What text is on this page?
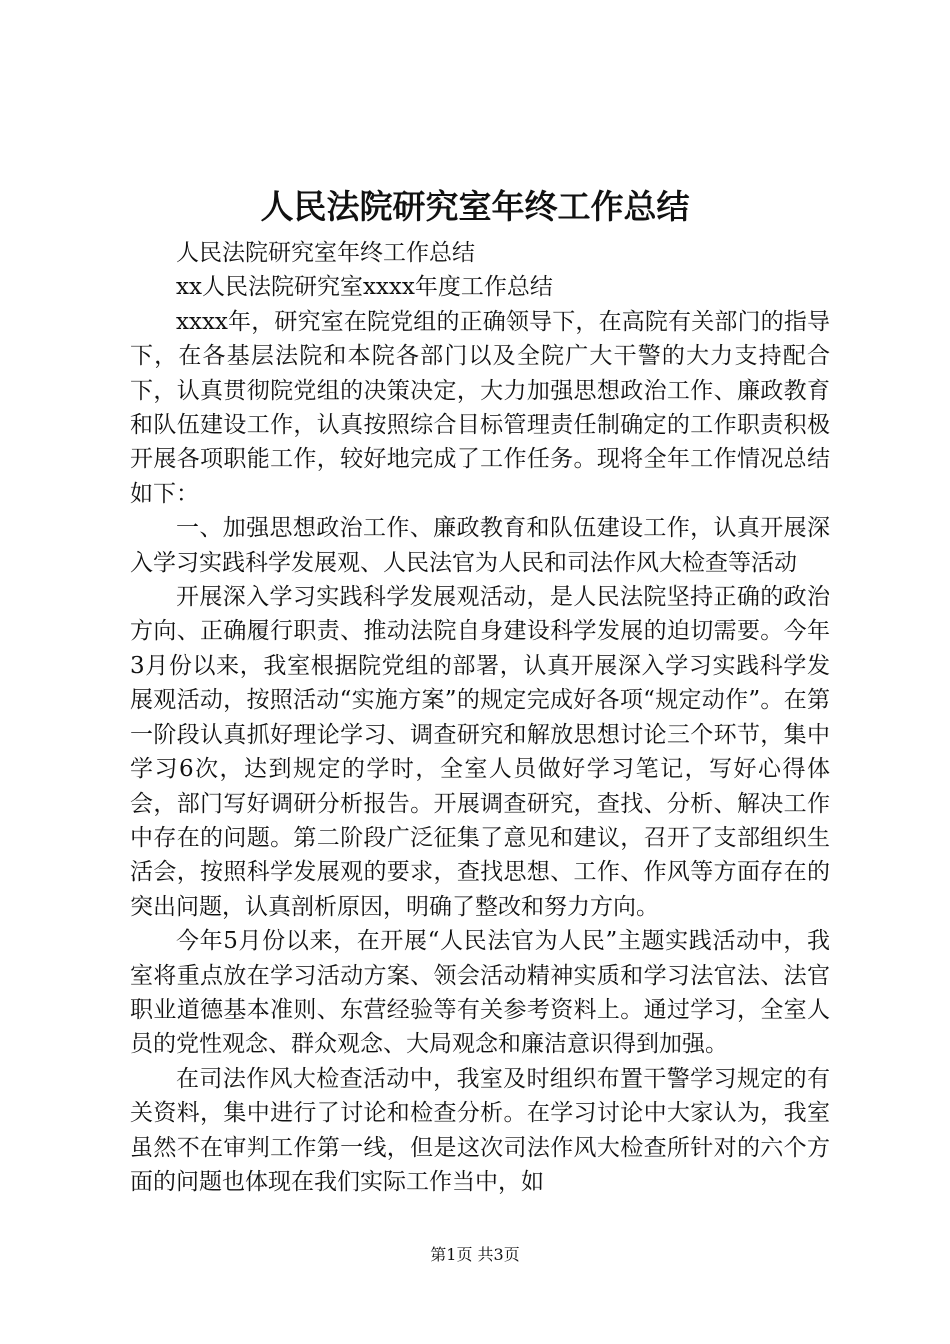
人民法院研究室年终工作总结

人民法院研究室年终工作总结

xx人民法院研究室xxxx年度工作总结

xxxx年，研究室在院党组的正确领导下，在高院有关部门的指导下，在各基层法院和本院各部门以及全院广大干警的大力支持配合下，认真贯彻院党组的决策决定，大力加强思想政治工作、廉政教育和队伍建设工作，认真按照综合目标管理责任制确定的工作职责积极开展各项职能工作，较好地完成了工作任务。现将全年工作情况总结如下：

一、加强思想政治工作、廉政教育和队伍建设工作，认真开展深入学习实践科学发展观、人民法官为人民和司法作风大检查等活动

开展深入学习实践科学发展观活动，是人民法院坚持正确的政治方向、正确履行职责、推动法院自身建设科学发展的迫切需要。今年3月份以来，我室根据院党组的部署，认真开展深入学习实践科学发展观活动，按照活动“实施方案”的规定完成好各项“规定动作”。在第一阶段认真抓好理论学习、调查研究和解放思想讨论三个环节，集中学习6次，达到规定的学时，全室人员做好学习笔记，写好心得体会，部门写好调研分析报告。开展调查研究，查找、分析、解决工作中存在的问题。第二阶段广泛征集了意见和建议，召开了支部组织生活会，按照科学发展观的要求，查找思想、工作、作风等方面存在的突出问题，认真剖析原因，明确了整改和努力方向。

今年5月份以来，在开展“人民法官为人民”主题实践活动中，我室将重点放在学习活动方案、领会活动精神实质和学习法官法、法官职业道德基本准则、东营经验等有关参考资料上。通过学习，全室人员的党性观念、群众观念、大局观念和廉洁意识得到加强。

在司法作风大检查活动中，我室及时组织布置干警学习规定的有关资料，集中进行了讨论和检查分析。在学习讨论中大家认为，我室虽然不在审判工作第一线，但是这次司法作风大检查所针对的六个方面的问题也体现在我们实际工作当中，如

第1页 共3页
